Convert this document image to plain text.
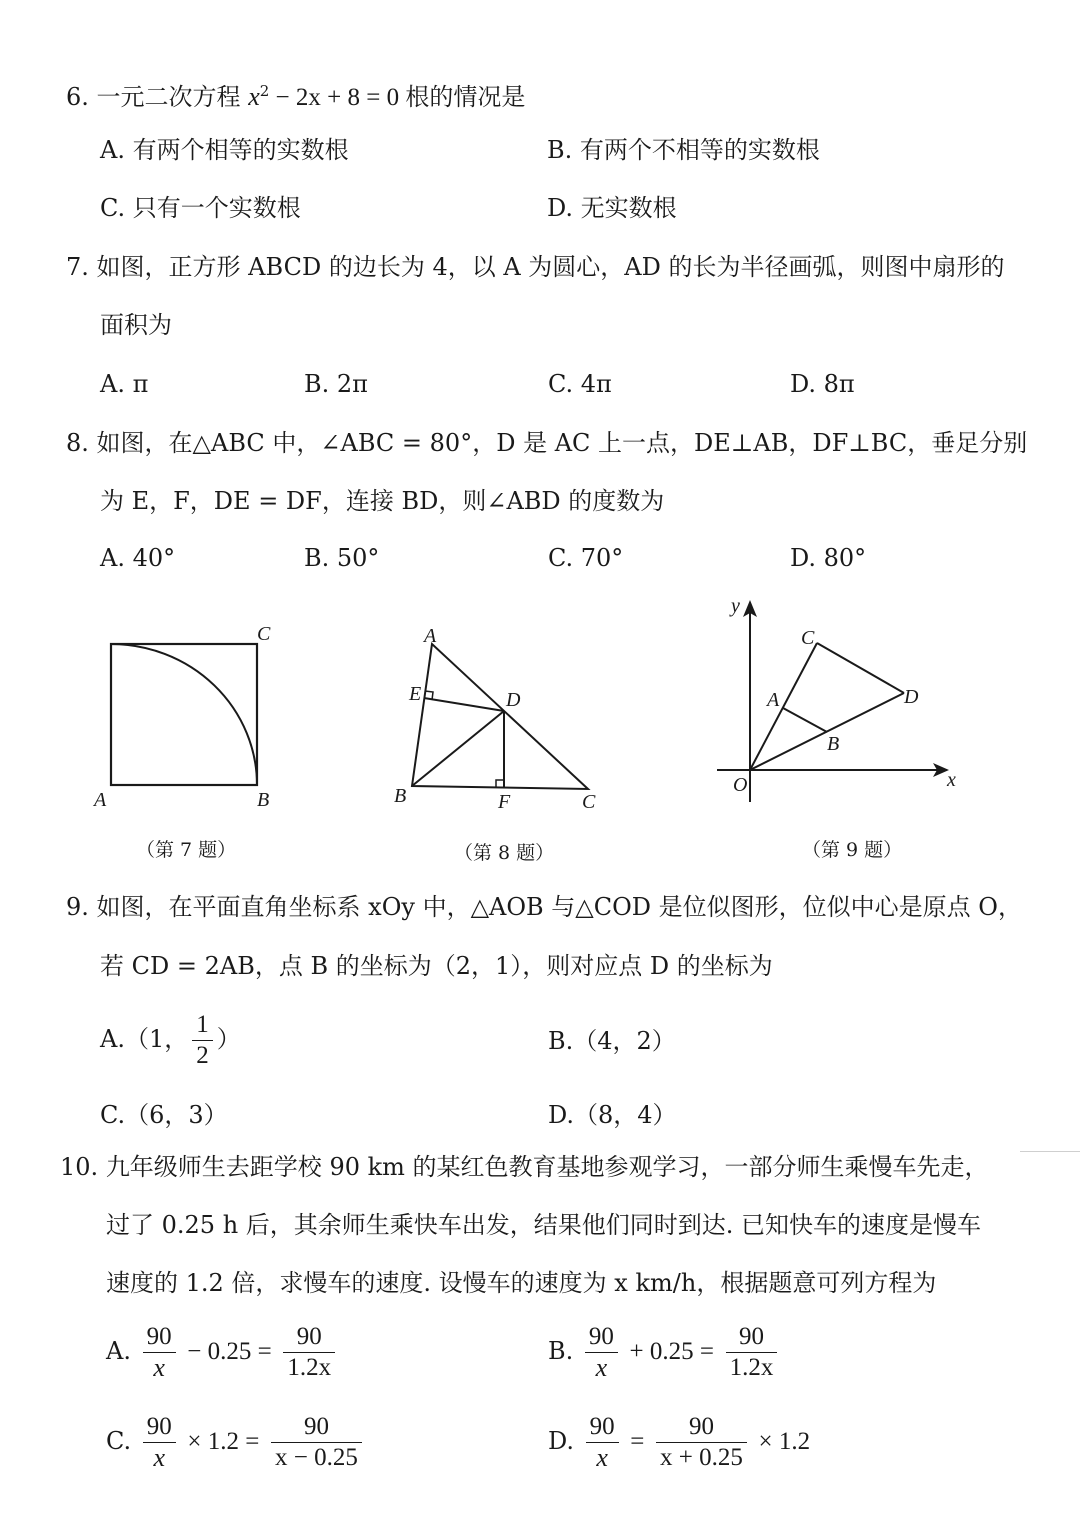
6. 一元二次方程 $x^2 - 2x + 8 = 0$ 根的情况是
A. 有两个相等的实数根	B. 有两个不相等的实数根
C. 只有一个实数根	D. 无实数根
7. 如图，正方形 ABCD 的边长为 4，以 A 为圆心，AD 的长为半径画弧，则图中扇形的
面积为
A. π	B. 2π	C. 4π	D. 8π
8. 如图，在△ABC 中，∠ABC = 80°，D 是 AC 上一点，DE⊥AB，DF⊥BC，垂足分别
为 E，F，DE = DF，连接 BD，则∠ABD 的度数为
A. 40°	B. 50°	C. 70°	D. 80°
A	B
C
（第 7 题）
A
E	D
B	F	C
（第 8 题）
y
x
O
A
B
C
D
（第 9 题）
9. 如图，在平面直角坐标系 xOy 中，△AOB 与△COD 是位似图形，位似中心是原点 O，
若 CD = 2AB，点 B 的坐标为（2，1），则对应点 D 的坐标为
A.（1， $\frac{1}{2}$ ）	B.（4，2）
C.（6，3）	D.（8，4）
10. 九年级师生去距学校 90 km 的某红色教育基地参观学习，一部分师生乘慢车先走，
过了 0.25 h 后，其余师生乘快车出发，结果他们同时到达. 已知快车的速度是慢车
速度的 1.2 倍，求慢车的速度. 设慢车的速度为 x km/h，根据题意可列方程为
A. $\frac{90}{x} - 0.25 = \frac{90}{1.2x}$	B. $\frac{90}{x} + 0.25 = \frac{90}{1.2x}$
C. $\frac{90}{x} \times 1.2 = \frac{90}{x - 0.25}$	D. $\frac{90}{x} = \frac{90}{x + 0.25} \times 1.2$
